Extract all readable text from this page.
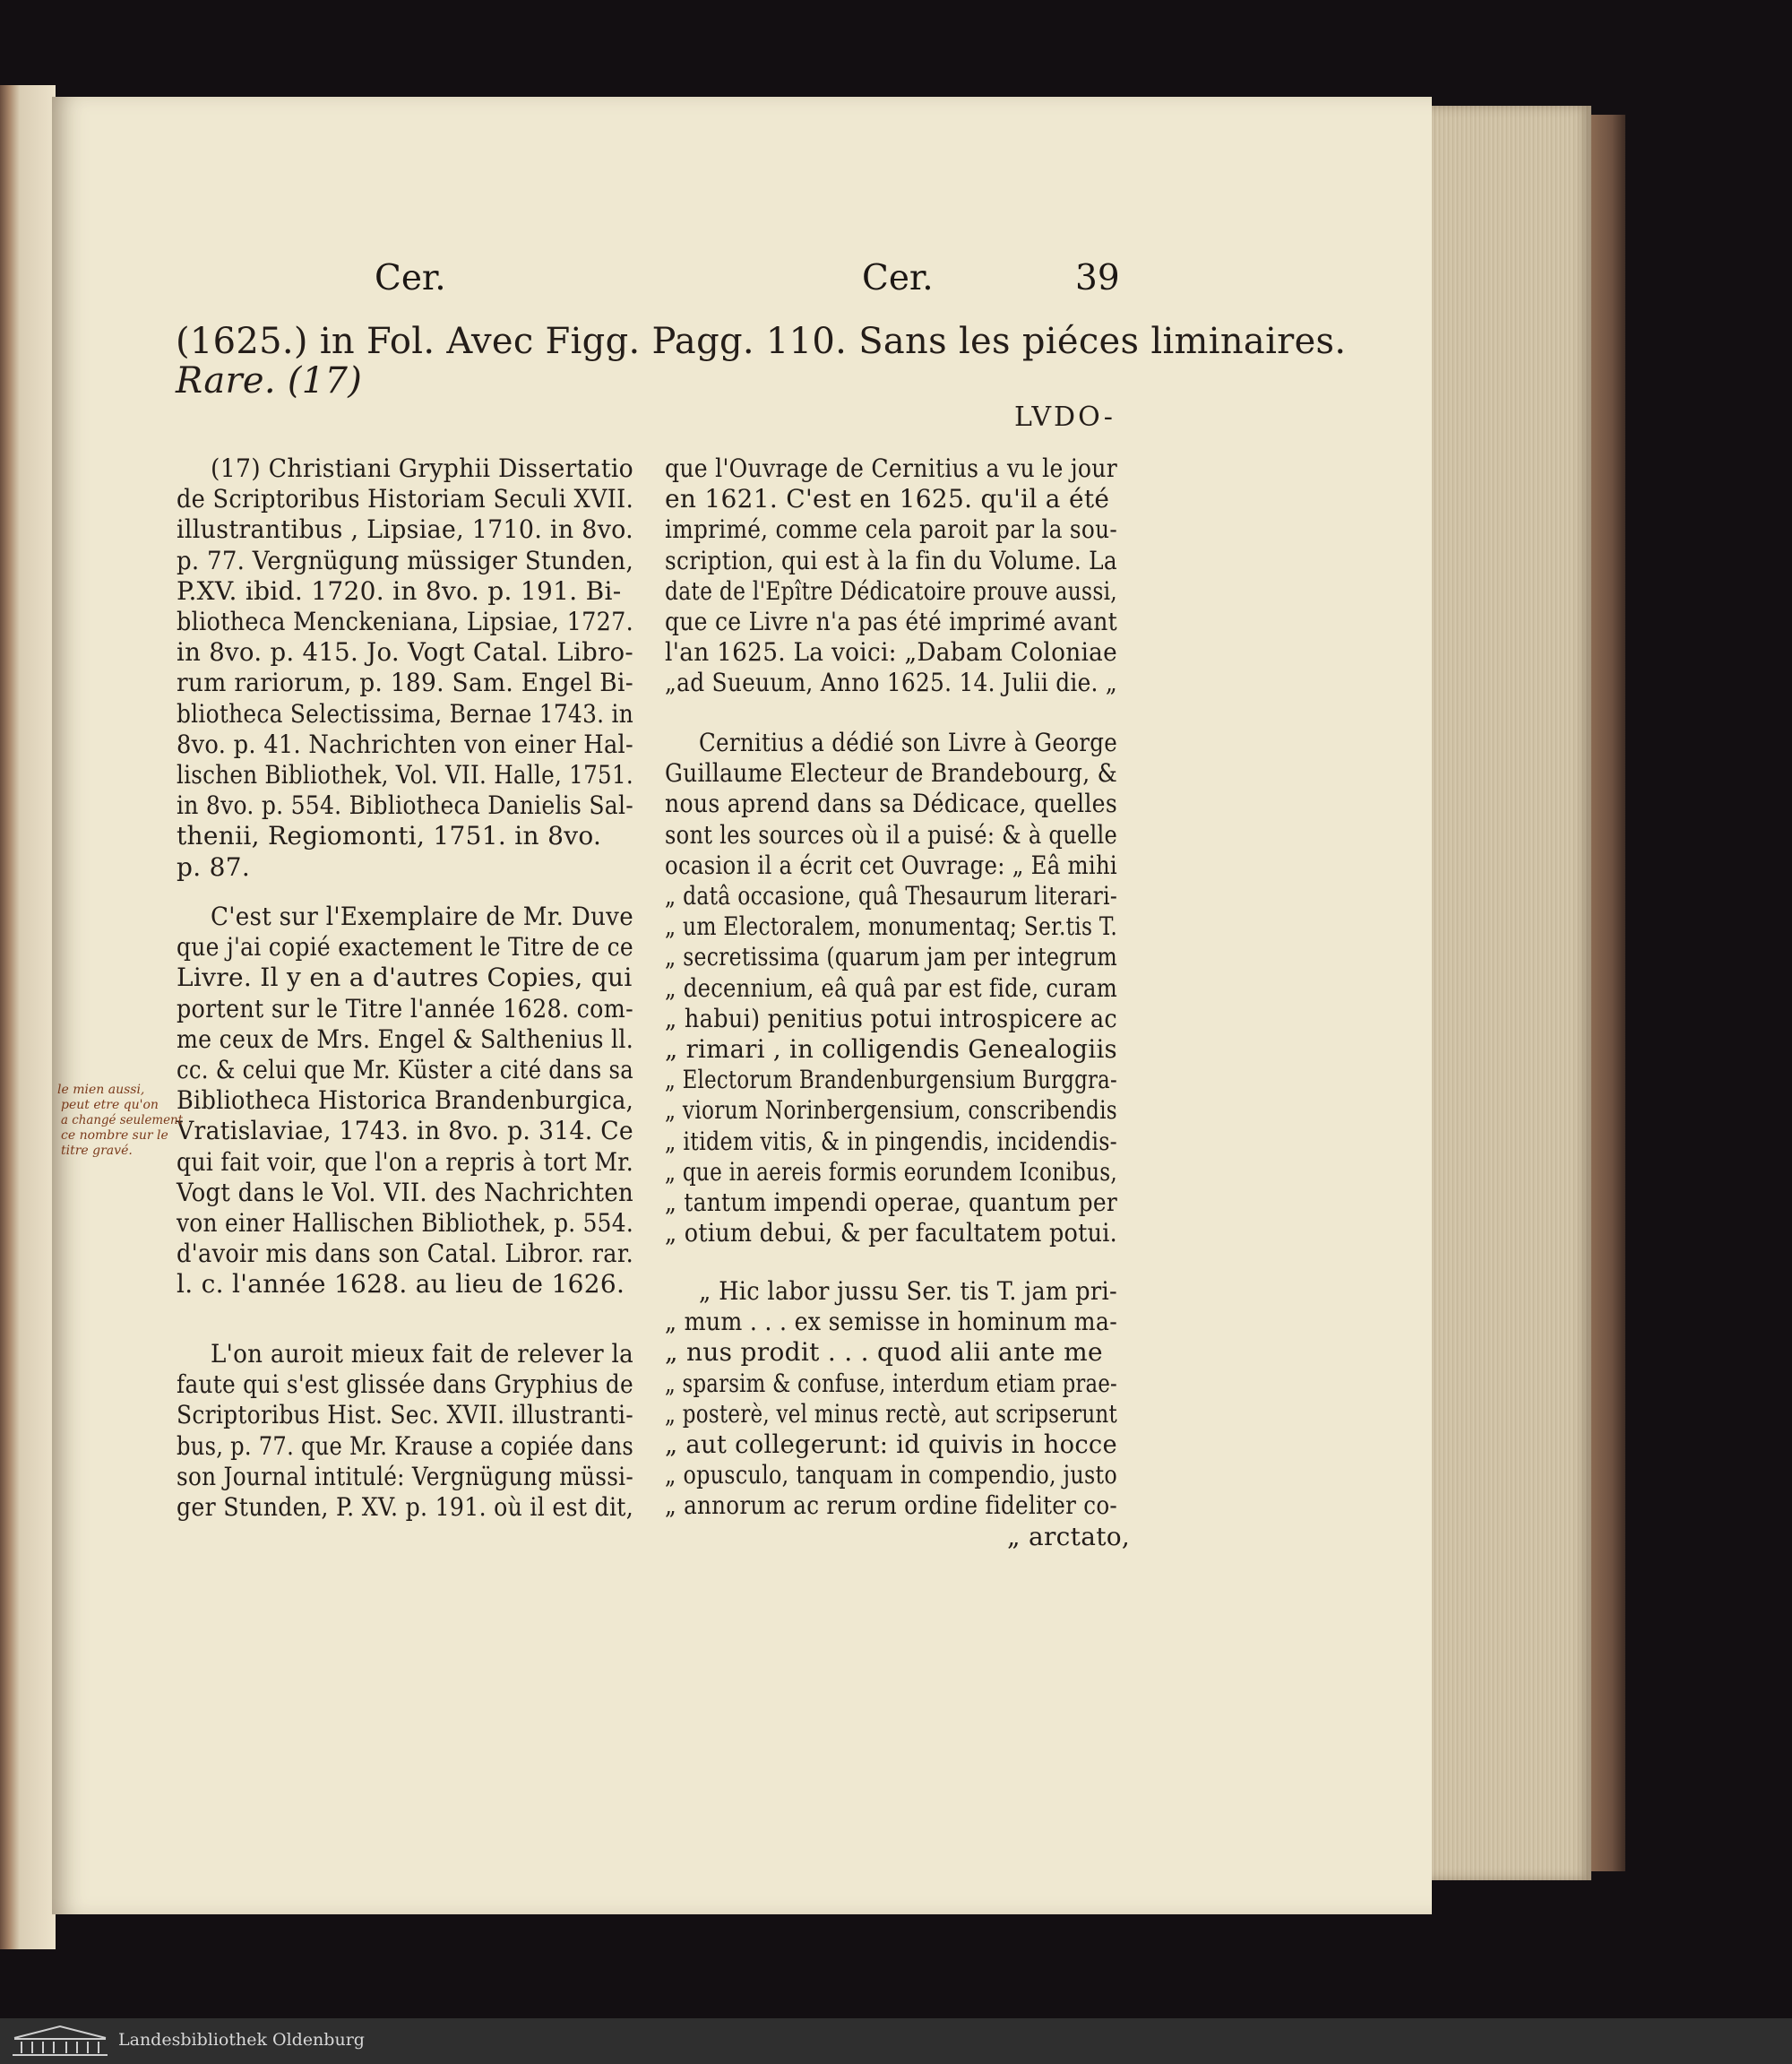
Cer.	Cer.	39
(1625.) in Fol. Avec Figg. Pagg. 110. Sans les piéces liminaires.
Rare. (17)
LVDO-
(17) Christiani Gryphii Dissertatio
de Scriptoribus Historiam Seculi XVII.
illustrantibus , Lipsiae, 1710. in 8vo.
p. 77. Vergnügung müssiger Stunden,
P.XV. ibid. 1720. in 8vo. p. 191. Bi-
bliotheca Menckeniana, Lipsiae, 1727.
in 8vo. p. 415. Jo. Vogt Catal. Libro-
rum rariorum, p. 189. Sam. Engel Bi-
bliotheca Selectissima, Bernae 1743. in
8vo. p. 41. Nachrichten von einer Hal-
lischen Bibliothek, Vol. VII. Halle, 1751.
in 8vo. p. 554. Bibliotheca Danielis Sal-
thenii, Regiomonti, 1751. in 8vo.
p. 87.
C'est sur l'Exemplaire de Mr. Duve
que j'ai copié exactement le Titre de ce
Livre. Il y en a d'autres Copies, qui
portent sur le Titre l'année 1628. com-
me ceux de Mrs. Engel & Salthenius ll.
cc. & celui que Mr. Küster a cité dans sa
Bibliotheca Historica Brandenburgica,
Vratislaviae, 1743. in 8vo. p. 314. Ce
qui fait voir, que l'on a repris à tort Mr.
Vogt dans le Vol. VII. des Nachrichten
von einer Hallischen Bibliothek, p. 554.
d'avoir mis dans son Catal. Libror. rar.
l. c. l'année 1628. au lieu de 1626.
L'on auroit mieux fait de relever la
faute qui s'est glissée dans Gryphius de
Scriptoribus Hist. Sec. XVII. illustranti-
bus, p. 77. que Mr. Krause a copiée dans
son Journal intitulé: Vergnügung müssi-
ger Stunden, P. XV. p. 191. où il est dit,
que l'Ouvrage de Cernitius a vu le jour
en 1621. C'est en 1625. qu'il a été
imprimé, comme cela paroit par la sou-
scription, qui est à la fin du Volume. La
date de l'Epître Dédicatoire prouve aussi,
que ce Livre n'a pas été imprimé avant
l'an 1625. La voici: „Dabam Coloniae
„ad Sueuum, Anno 1625. 14. Julii die. „
Cernitius a dédié son Livre à George
Guillaume Electeur de Brandebourg, &
nous aprend dans sa Dédicace, quelles
sont les sources où il a puisé: & à quelle
ocasion il a écrit cet Ouvrage: „ Eâ mihi
„ datâ occasione, quâ Thesaurum literari-
„ um Electoralem, monumentaq; Ser.tis T.
„ secretissima (quarum jam per integrum
„ decennium, eâ quâ par est fide, curam
„ habui) penitius potui introspicere ac
„ rimari , in colligendis Genealogiis
„ Electorum Brandenburgensium Burggra-
„ viorum Norinbergensium, conscribendis
„ itidem vitis, & in pingendis, incidendis-
„ que in aereis formis eorundem Iconibus,
„ tantum impendi operae, quantum per
„ otium debui, & per facultatem potui.
„ Hic labor jussu Ser. tis T. jam pri-
„ mum . . . ex semisse in hominum ma-
„ nus prodit . . . quod alii ante me
„ sparsim & confuse, interdum etiam prae-
„ posterè, vel minus rectè, aut scripserunt
„ aut collegerunt: id quivis in hocce
„ opusculo, tanquam in compendio, justo
„ annorum ac rerum ordine fideliter co-
„ arctato,
le mien aussi,
peut etre qu'on
a changé seulement
ce nombre sur le
titre gravé.
Landesbibliothek Oldenburg
